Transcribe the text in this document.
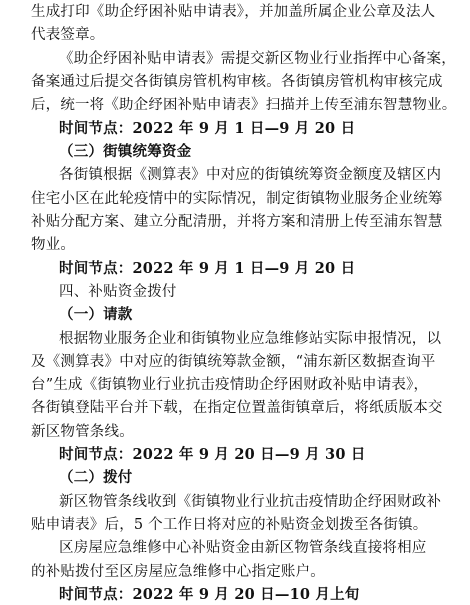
生成打印《助企纾困补贴申请表》，并加盖所属企业公章及法人
代表签章。
《助企纾困补贴申请表》需提交新区物业行业指挥中心备案，
备案通过后提交各街镇房管机构审核。各街镇房管机构审核完成
后，统一将《助企纾困补贴申请表》扫描并上传至浦东智慧物业。
时间节点：2022 年 9 月 1 日—9 月 20 日
（三）街镇统筹资金
各街镇根据《测算表》中对应的街镇统筹资金额度及辖区内
住宅小区在此轮疫情中的实际情况，制定街镇物业服务企业统筹
补贴分配方案、建立分配清册，并将方案和清册上传至浦东智慧
物业。
时间节点：2022 年 9 月 1 日—9 月 20 日
四、补贴资金拨付
（一）请款
根据物业服务企业和街镇物业应急维修站实际申报情况，以
及《测算表》中对应的街镇统筹款金额，“浦东新区数据查询平
台”生成《街镇物业行业抗击疫情助企纾困财政补贴申请表》，
各街镇登陆平台并下载，在指定位置盖街镇章后，将纸质版本交
新区物管条线。
时间节点：2022 年 9 月 20 日—9 月 30 日
（二）拨付
新区物管条线收到《街镇物业行业抗击疫情助企纾困财政补
贴申请表》后，5 个工作日将对应的补贴资金划拨至各街镇。
区房屋应急维修中心补贴资金由新区物管条线直接将相应
的补贴拨付至区房屋应急维修中心指定账户。
时间节点：2022 年 9 月 20 日—10 月上旬
